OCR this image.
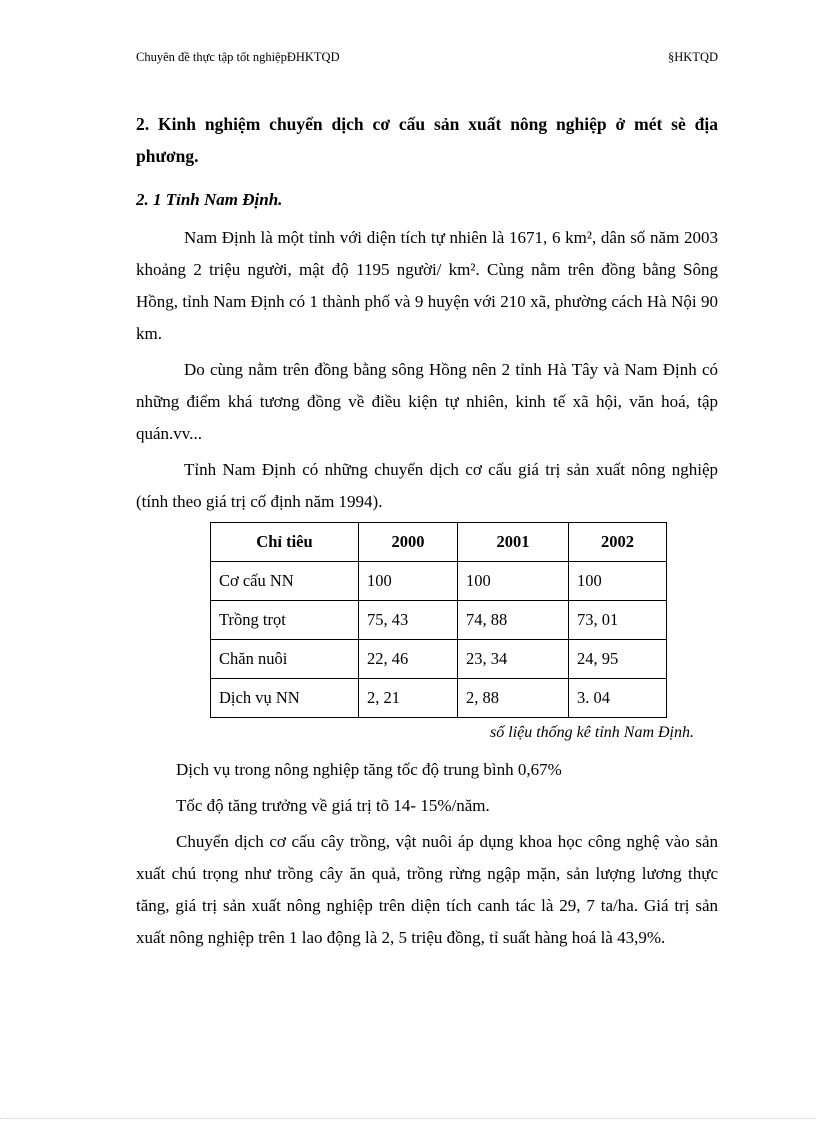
Chuyên đề thực tập tốt nghiệpĐHKTQD	§HKTQD
2. Kinh nghiệm chuyển dịch cơ cấu sản xuất nông nghiệp ở mét sè địa phương.
2. 1 Tỉnh Nam Định.

Nam Định là một tỉnh với diện tích tự nhiên là 1671, 6 km², dân số năm 2003 khoảng 2 triệu người, mật độ 1195 người/ km². Cùng nằm trên đồng bằng Sông Hồng, tỉnh Nam Định có 1 thành phố và 9 huyện với 210 xã, phường cách Hà Nội 90 km.

Do cùng nằm trên đồng bằng sông Hồng nên 2 tỉnh Hà Tây và Nam Định có những điểm khá tương đồng về điều kiện tự nhiên, kinh tế xã hội, văn hoá, tập quán.vv...

Tỉnh Nam Định có những chuyển dịch cơ cấu giá trị sản xuất nông nghiệp (tính theo giá trị cố định năm 1994).

Chỉ tiêu	2000	2001	2002
Cơ cấu NN	100	100	100
Trồng trọt	75, 43	74, 88	73, 01
Chăn nuôi	22, 46	23, 34	24, 95
Dịch vụ NN	2, 21	2, 88	3. 04
số liệu thống kê tỉnh Nam Định.

Dịch vụ trong nông nghiệp tăng tốc độ trung bình 0,67%

Tốc độ tăng trưởng về giá trị tõ 14- 15%/năm.

Chuyển dịch cơ cấu cây trồng, vật nuôi áp dụng khoa học công nghệ vào sản xuất chú trọng như trồng cây ăn quả, trồng rừng ngập mặn, sản lượng lương thực tăng, giá trị sản xuất nông nghiệp trên diện tích canh tác là 29, 7 ta/ha. Giá trị sản xuất nông nghiệp trên 1 lao động là 2, 5 triệu đồng, tỉ suất hàng hoá là 43,9%.
